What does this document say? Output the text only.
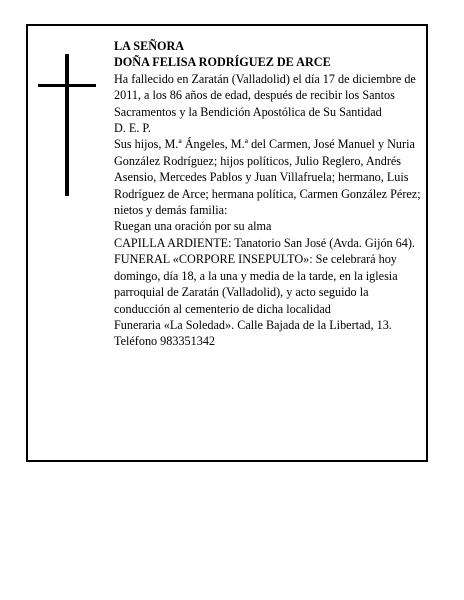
LA SEÑORA

DOÑA FELISA RODRÍGUEZ DE ARCE

Ha fallecido en Zaratán (Valladolid) el día 17 de diciembre de 2011, a los 86 años de edad, después de recibir los Santos Sacramentos y la Bendición Apostólica de Su Santidad

D. E. P.

Sus hijos, M.ª Ángeles, M.ª del Carmen, José Manuel y Nuria González Rodríguez; hijos políticos, Julio Reglero, Andrés Asensio, Mercedes Pablos y Juan Villafruela; hermano, Luis Rodríguez de Arce; hermana política, Carmen González Pérez; nietos y demás familia:

Ruegan una oración por su alma

CAPILLA ARDIENTE: Tanatorio San José (Avda. Gijón 64).

FUNERAL «CORPORE INSEPULTO»: Se celebrará hoy domingo, día 18, a la una y media de la tarde, en la iglesia parroquial de Zaratán (Valladolid), y acto seguido la conducción al cementerio de dicha localidad

Funeraria «La Soledad». Calle Bajada de la Libertad, 13. Teléfono 983351342
